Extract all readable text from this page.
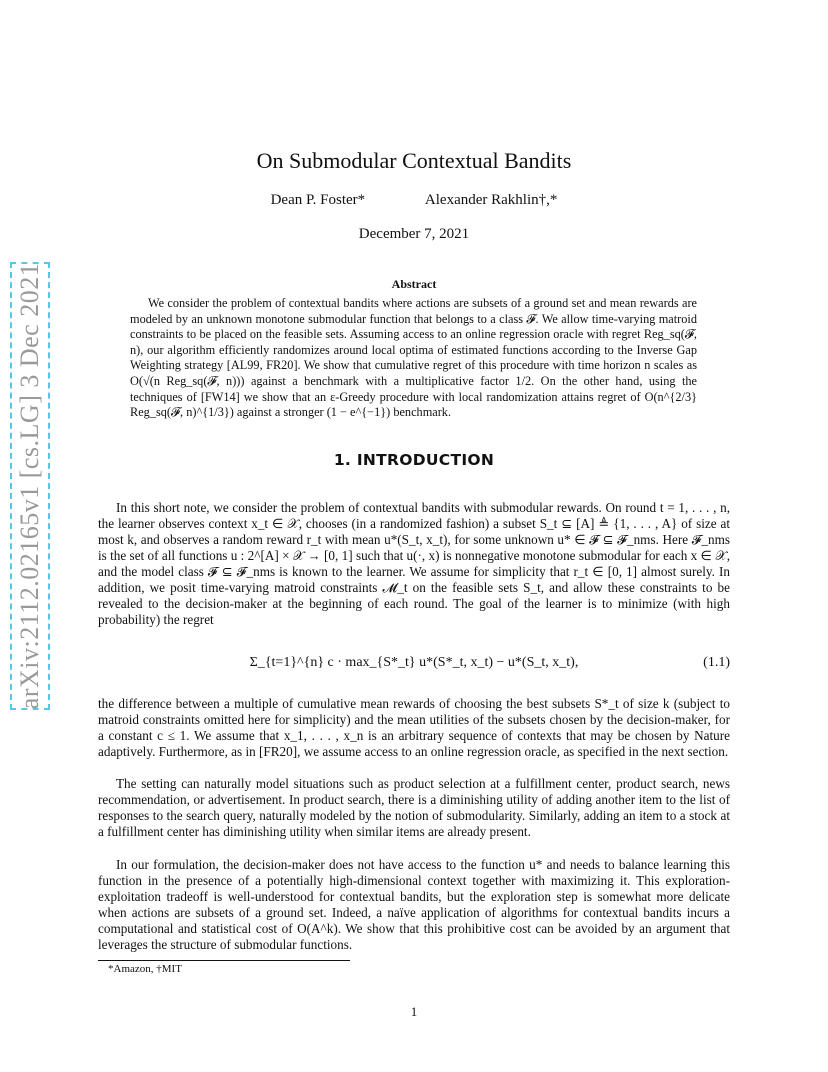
arXiv:2112.02165v1 [cs.LG] 3 Dec 2021
On Submodular Contextual Bandits
Dean P. Foster*	Alexander Rakhlin†,*
December 7, 2021
Abstract

We consider the problem of contextual bandits where actions are subsets of a ground set and mean rewards are modeled by an unknown monotone submodular function that belongs to a class 𝓕. We allow time-varying matroid constraints to be placed on the feasible sets. Assuming access to an online regression oracle with regret Reg_sq(𝓕, n), our algorithm efficiently randomizes around local optima of estimated functions according to the Inverse Gap Weighting strategy [AL99, FR20]. We show that cumulative regret of this procedure with time horizon n scales as O(√(n Reg_sq(𝓕, n))) against a benchmark with a multiplicative factor 1/2. On the other hand, using the techniques of [FW14] we show that an ε-Greedy procedure with local randomization attains regret of O(n^{2/3} Reg_sq(𝓕, n)^{1/3}) against a stronger (1 − e^{−1}) benchmark.

1. INTRODUCTION

In this short note, we consider the problem of contextual bandits with submodular rewards. On round t = 1, . . . , n, the learner observes context x_t ∈ 𝒳, chooses (in a randomized fashion) a subset S_t ⊆ [A] ≜ {1, . . . , A} of size at most k, and observes a random reward r_t with mean u*(S_t, x_t), for some unknown u* ∈ 𝓕 ⊆ 𝓕_nms. Here 𝓕_nms is the set of all functions u : 2^[A] × 𝒳 → [0, 1] such that u(·, x) is nonnegative monotone submodular for each x ∈ 𝒳, and the model class 𝓕 ⊆ 𝓕_nms is known to the learner. We assume for simplicity that r_t ∈ [0, 1] almost surely. In addition, we posit time-varying matroid constraints 𝓜_t on the feasible sets S_t, and allow these constraints to be revealed to the decision-maker at the beginning of each round. The goal of the learner is to minimize (with high probability) the regret

Σ_{t=1}^{n} c · max_{S*_t} u*(S*_t, x_t) − u*(S_t, x_t),	(1.1)

the difference between a multiple of cumulative mean rewards of choosing the best subsets S*_t of size k (subject to matroid constraints omitted here for simplicity) and the mean utilities of the subsets chosen by the decision-maker, for a constant c ≤ 1. We assume that x_1, . . . , x_n is an arbitrary sequence of contexts that may be chosen by Nature adaptively. Furthermore, as in [FR20], we assume access to an online regression oracle, as specified in the next section.

The setting can naturally model situations such as product selection at a fulfillment center, product search, news recommendation, or advertisement. In product search, there is a diminishing utility of adding another item to the list of responses to the search query, naturally modeled by the notion of submodularity. Similarly, adding an item to a stock at a fulfillment center has diminishing utility when similar items are already present.

In our formulation, the decision-maker does not have access to the function u* and needs to balance learning this function in the presence of a potentially high-dimensional context together with maximizing it. This exploration-exploitation tradeoff is well-understood for contextual bandits, but the exploration step is somewhat more delicate when actions are subsets of a ground set. Indeed, a naïve application of algorithms for contextual bandits incurs a computational and statistical cost of O(A^k). We show that this prohibitive cost can be avoided by an argument that leverages the structure of submodular functions.

*Amazon, †MIT
1
